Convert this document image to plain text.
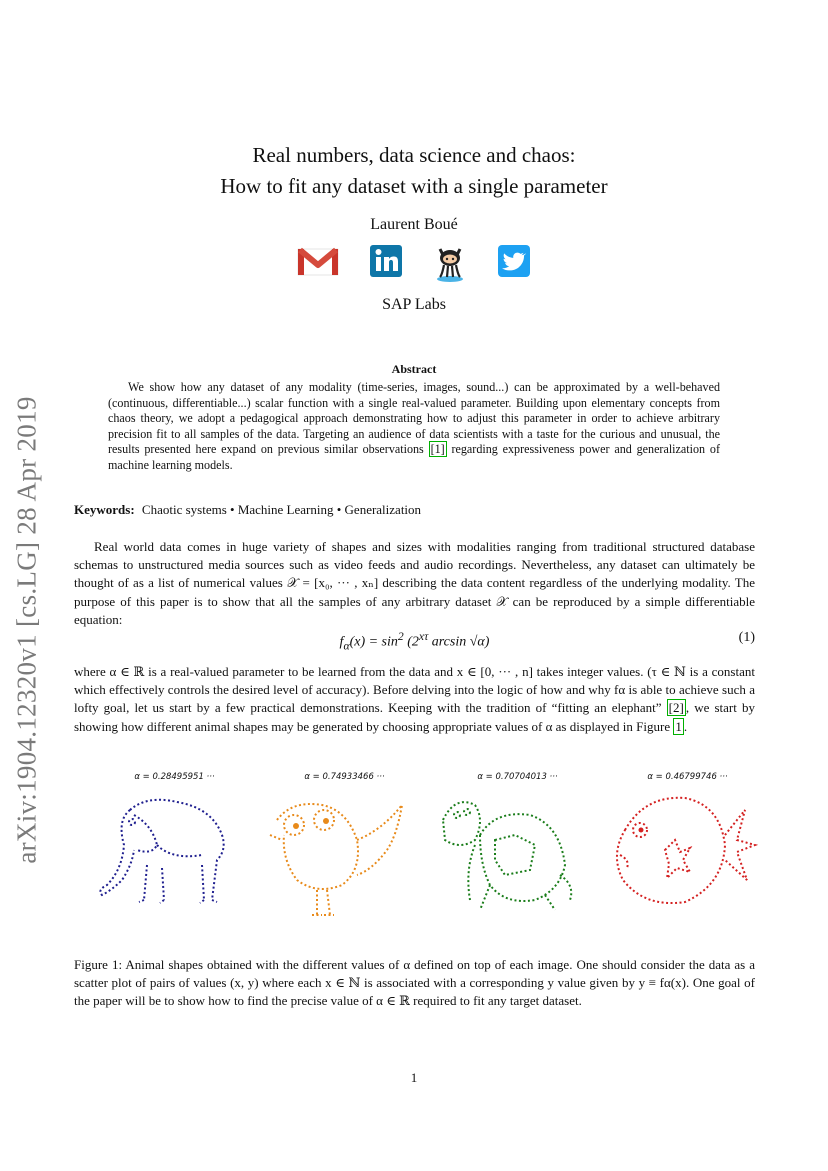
arXiv:1904.12320v1 [cs.LG] 28 Apr 2019
Real numbers, data science and chaos:
How to fit any dataset with a single parameter
Laurent Boué
SAP Labs
Abstract
We show how any dataset of any modality (time-series, images, sound...) can be approximated by a well-behaved (continuous, differentiable...) scalar function with a single real-valued parameter. Building upon elementary concepts from chaos theory, we adopt a pedagogical approach demonstrating how to adjust this parameter in order to achieve arbitrary precision fit to all samples of the data. Targeting an audience of data scientists with a taste for the curious and unusual, the results presented here expand on previous similar observations [1] regarding expressiveness power and generalization of machine learning models.
Keywords: Chaotic systems • Machine Learning • Generalization
Real world data comes in huge variety of shapes and sizes with modalities ranging from traditional structured database schemas to unstructured media sources such as video feeds and audio recordings. Nevertheless, any dataset can ultimately be thought of as a list of numerical values 𝒳 = [x₀, ··· , xₙ] describing the data content regardless of the underlying modality. The purpose of this paper is to show that all the samples of any arbitrary dataset 𝒳 can be reproduced by a simple differentiable equation:
$f_\alpha(x) = \sin^2 (2^{x\tau}$ arcsin √α)	(1)
where α ∈ ℝ is a real-valued parameter to be learned from the data and x ∈ [0, ··· , n] takes integer values. (τ ∈ ℕ is a constant which effectively controls the desired level of accuracy). Before delving into the logic of how and why fα is able to achieve such a lofty goal, let us start by a few practical demonstrations. Keeping with the tradition of “fitting an elephant” [2] , we start by showing how different animal shapes may be generated by choosing appropriate values of α as displayed in Figure 1 .
α = 0.28495951 ···	α = 0.74933466 ···	α = 0.70704013 ···	α = 0.46799746 ···
Figure 1: Animal shapes obtained with the different values of α defined on top of each image. One should consider the data as a scatter plot of pairs of values (x, y) where each x ∈ ℕ is associated with a corresponding y value given by y ≡ fα(x). One goal of the paper will be to show how to find the precise value of α ∈ ℝ required to fit any target dataset.
1
